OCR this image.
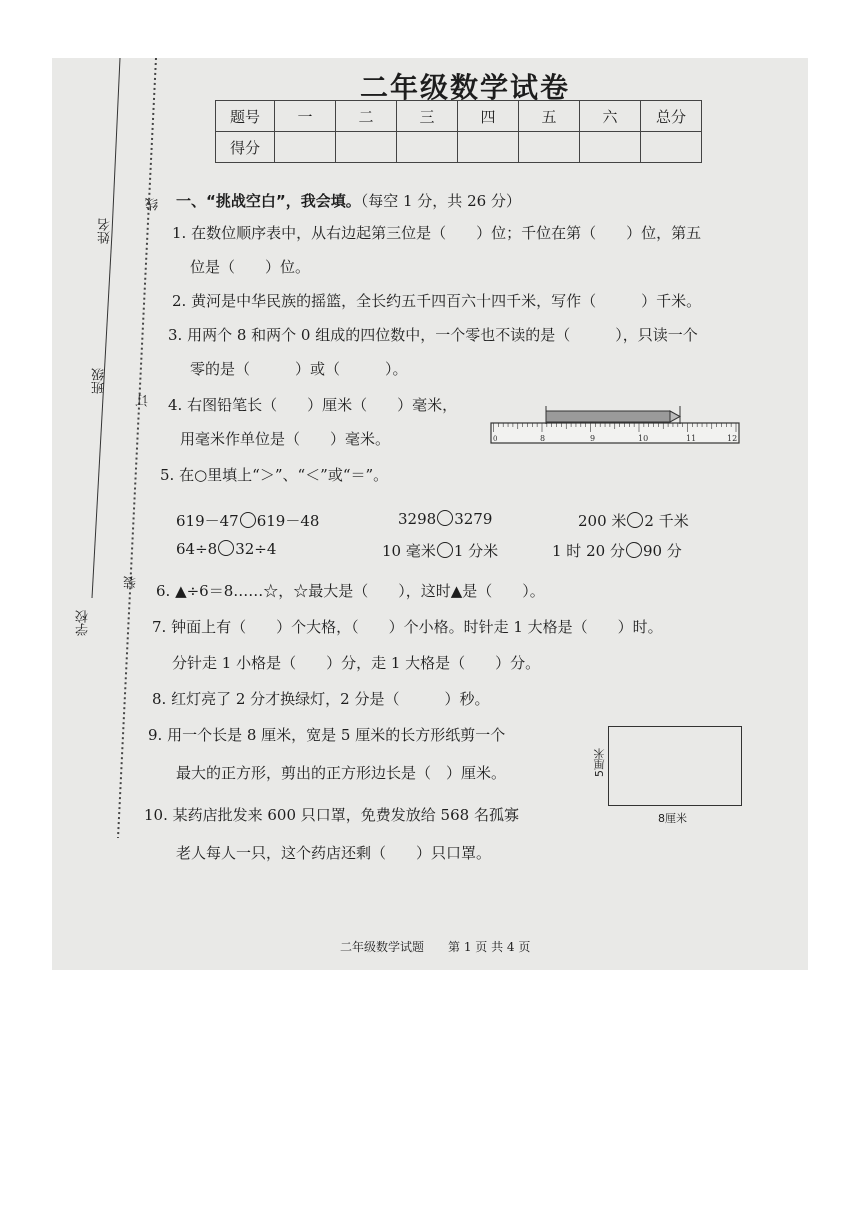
姓名
班级
学校
线
订
装
二年级数学试卷
题号	一	二	三	四	五	六	总分
得分							
一、“挑战空白”，我会填。（每空 1 分，共 26 分）
1. 在数位顺序表中，从右边起第三位是（　　）位；千位在第（　　）位，第五
位是（　　）位。
2. 黄河是中华民族的摇篮，全长约五千四百六十四千米，写作（　　　）千米。
3. 用两个 8 和两个 0 组成的四位数中，一个零也不读的是（　　　），只读一个
零的是（　　　）或（　　　）。
4. 右图铅笔长（　　）厘米（　　）毫米，
用毫米作单位是（　　）毫米。	0	8	9	10	11	12
5. 在○里填上“＞”、“＜”或“＝”。
619－47 619－48	3298 3279	200 米 2 千米
64÷8 32÷4	10 毫米 1 分米	1 时 20 分 90 分
6. ▲÷6＝8……☆，☆最大是（　　），这时▲是（　　）。
7. 钟面上有（　　）个大格，（　　）个小格。时针走 1 大格是（　　）时。
分针走 1 小格是（　　）分，走 1 大格是（　　）分。
8. 红灯亮了 2 分才换绿灯，2 分是（　　　）秒。
9. 用一个长是 8 厘米，宽是 5 厘米的长方形纸剪一个
最大的正方形，剪出的正方形边长是（　）厘米。	5厘米
8厘米
10. 某药店批发来 600 只口罩，免费发放给 568 名孤寡
老人每人一只，这个药店还剩（　　）只口罩。
二年级数学试题　　第 1 页 共 4 页
